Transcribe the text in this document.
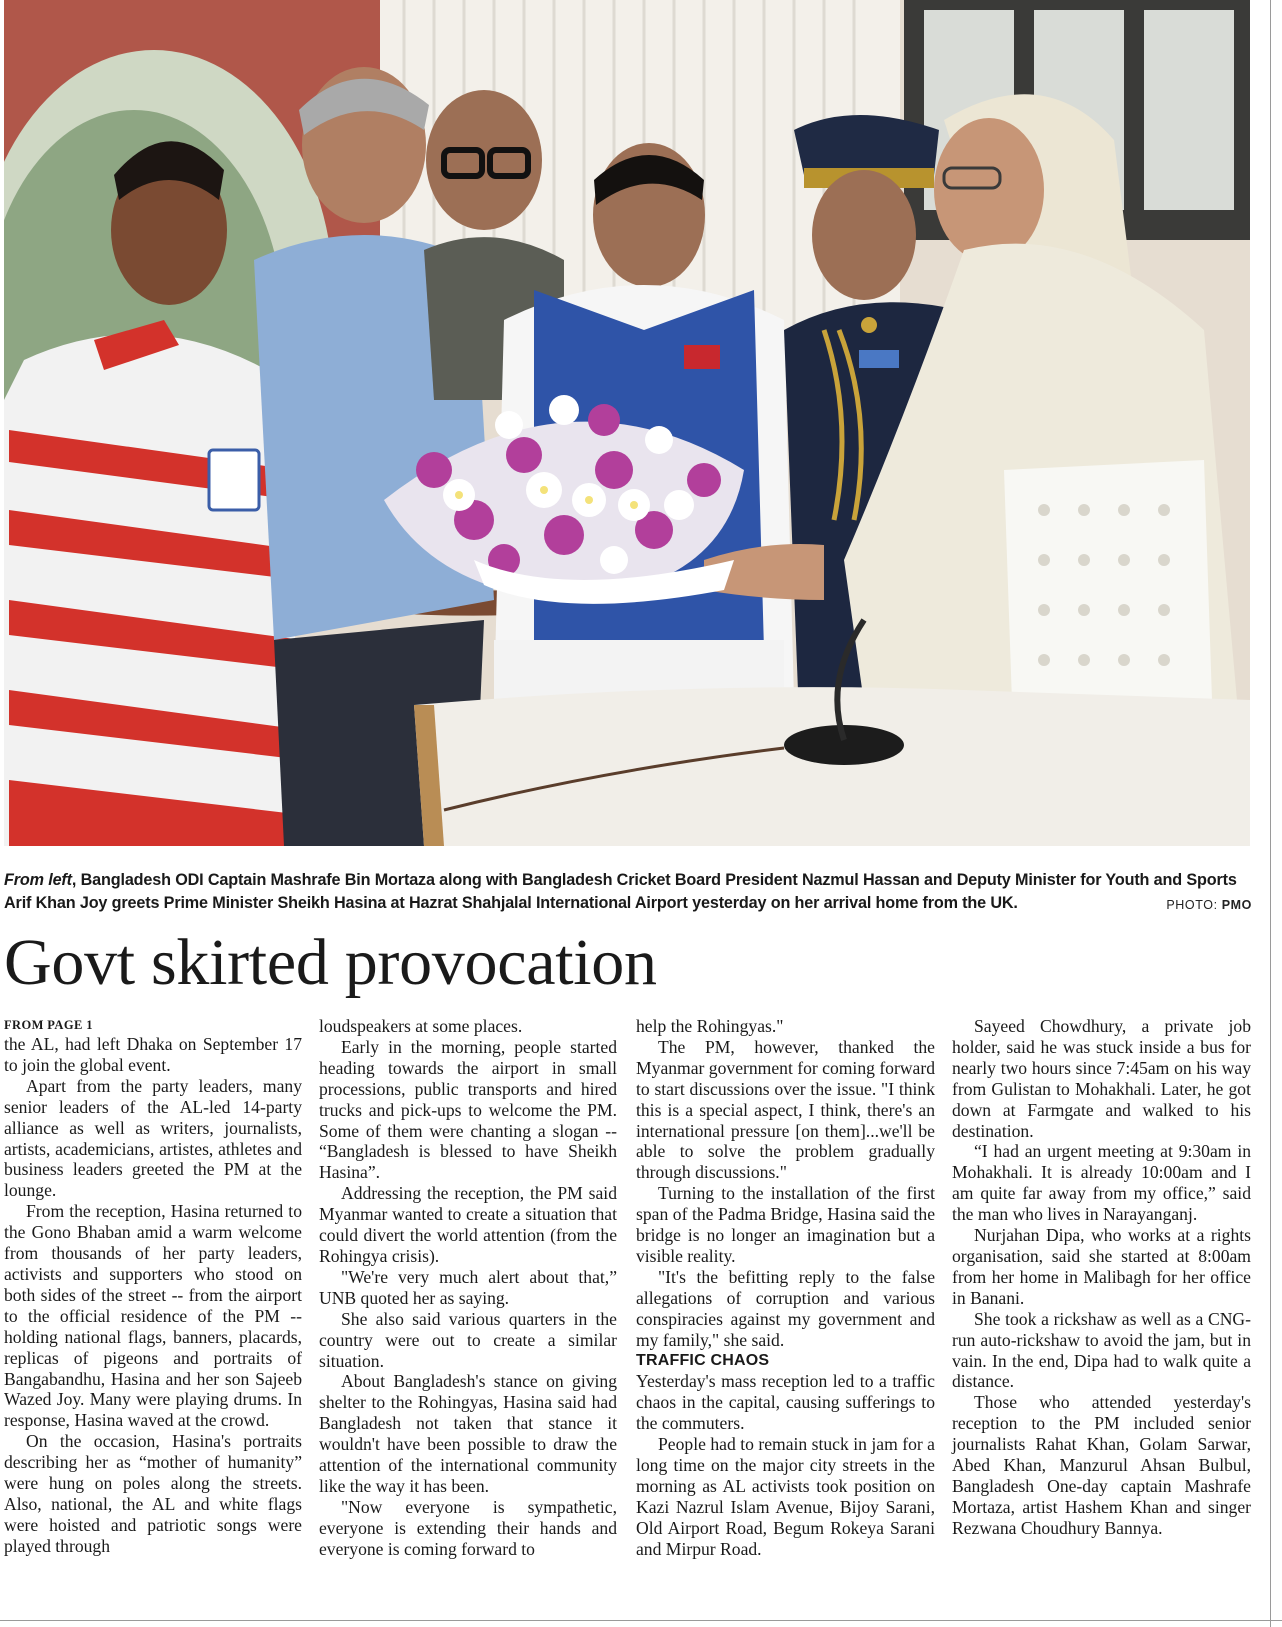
From left, Bangladesh ODI Captain Mashrafe Bin Mortaza along with Bangladesh Cricket Board President Nazmul Hassan and Deputy Minister for Youth and Sports Arif Khan Joy greets Prime Minister Sheikh Hasina at Hazrat Shahjalal International Airport yesterday on her arrival home from the UK.	PHOTO: PMO
Govt skirted provocation
FROM PAGE 1

the AL, had left Dhaka on September 17 to join the global event.

Apart from the party leaders, many senior leaders of the AL-led 14-party alliance as well as writers, journalists, artists, academicians, artistes, athletes and business leaders greeted the PM at the lounge.

From the reception, Hasina returned to the Gono Bhaban amid a warm welcome from thousands of her party leaders, activists and supporters who stood on both sides of the street -- from the airport to the official residence of the PM -- holding national flags, banners, placards, replicas of pigeons and portraits of Bangabandhu, Hasina and her son Sajeeb Wazed Joy. Many were playing drums. In response, Hasina waved at the crowd.

On the occasion, Hasina's portraits describing her as “mother of humanity” were hung on poles along the streets. Also, national, the AL and white flags were hoisted and patriotic songs were played through

loudspeakers at some places.

Early in the morning, people started heading towards the airport in small processions, public transports and hired trucks and pick-ups to welcome the PM. Some of them were chanting a slogan -- “Bangladesh is blessed to have Sheikh Hasina”.

Addressing the reception, the PM said Myanmar wanted to create a situation that could divert the world attention (from the Rohingya crisis).

"We're very much alert about that,” UNB quoted her as saying.

She also said various quarters in the country were out to create a similar situation.

About Bangladesh's stance on giving shelter to the Rohingyas, Hasina said had Bangladesh not taken that stance it wouldn't have been possible to draw the attention of the international community like the way it has been.

"Now everyone is sympathetic, everyone is extending their hands and everyone is coming forward to

help the Rohingyas."

The PM, however, thanked the Myanmar government for coming forward to start discussions over the issue. "I think this is a special aspect, I think, there's an international pressure [on them]...we'll be able to solve the problem gradually through discussions."

Turning to the installation of the first span of the Padma Bridge, Hasina said the bridge is no longer an imagination but a visible reality.

"It's the befitting reply to the false allegations of corruption and various conspiracies against my government and my family," she said.

TRAFFIC CHAOS

Yesterday's mass reception led to a traffic chaos in the capital, causing sufferings to the commuters.

People had to remain stuck in jam for a long time on the major city streets in the morning as AL activists took position on Kazi Nazrul Islam Avenue, Bijoy Sarani, Old Airport Road, Begum Rokeya Sarani and Mirpur Road.

Sayeed Chowdhury, a private job holder, said he was stuck inside a bus for nearly two hours since 7:45am on his way from Gulistan to Mohakhali. Later, he got down at Farmgate and walked to his destination.

“I had an urgent meeting at 9:30am in Mohakhali. It is already 10:00am and I am quite far away from my office,” said the man who lives in Narayanganj.

Nurjahan Dipa, who works at a rights organisation, said she started at 8:00am from her home in Malibagh for her office in Banani.

She took a rickshaw as well as a CNG-run auto-rickshaw to avoid the jam, but in vain. In the end, Dipa had to walk quite a distance.

Those who attended yesterday's reception to the PM included senior journalists Rahat Khan, Golam Sarwar, Abed Khan, Manzurul Ahsan Bulbul, Bangladesh One-day captain Mashrafe Mortaza, artist Hashem Khan and singer Rezwana Choudhury Bannya.
